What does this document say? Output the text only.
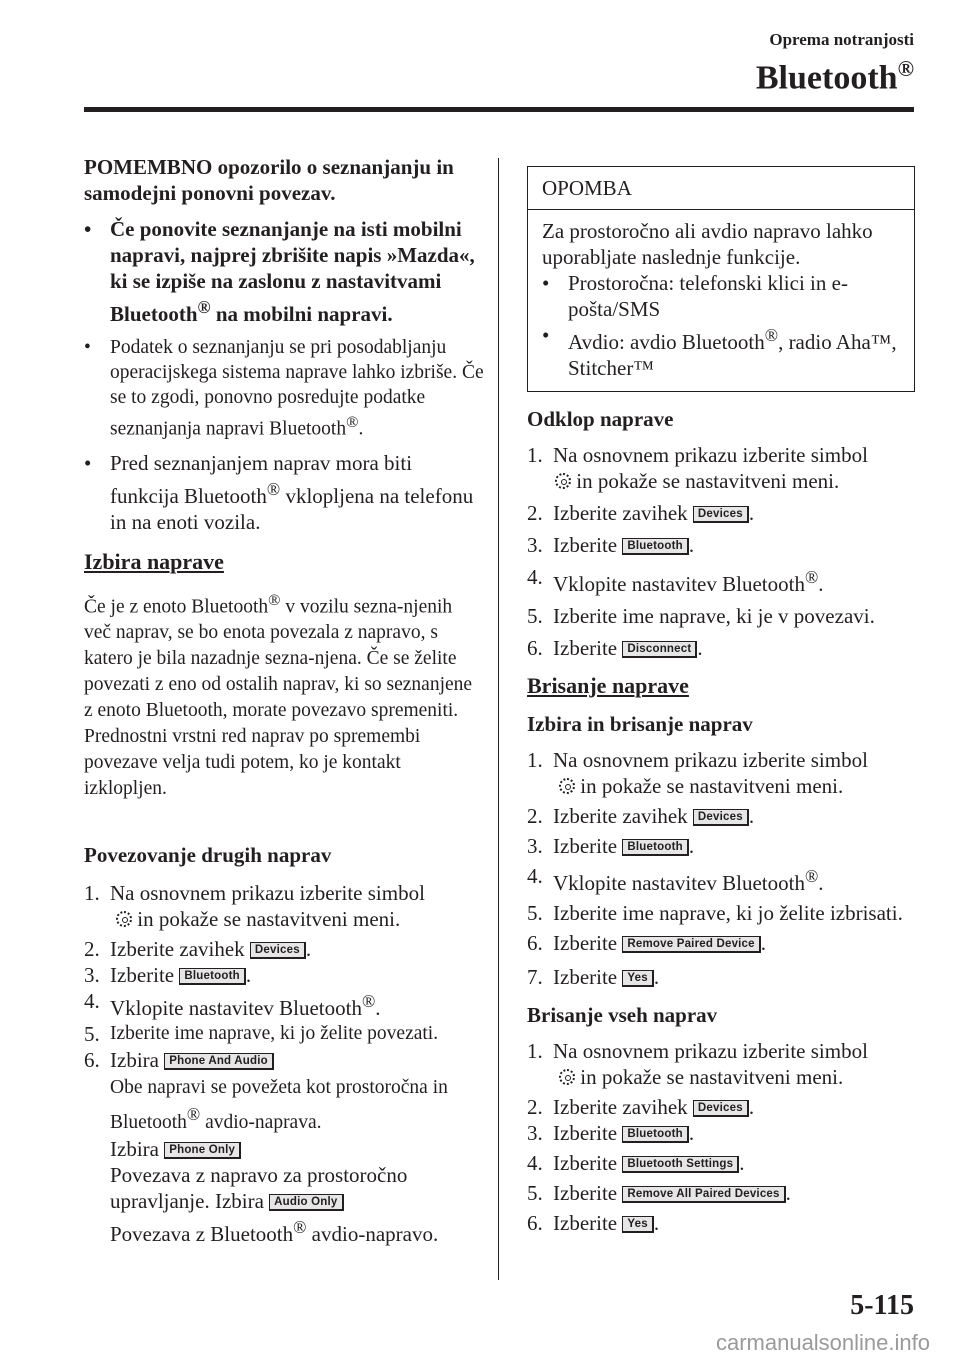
Oprema notranjosti
Bluetooth®

POMEMBNO opozorilo o seznanjanju in samodejni ponovni povezav.

• Če ponovite seznanjanje na isti mobilni napravi, najprej zbrišite napis »Mazda«, ki se izpiše na zaslonu z nastavitvami Bluetooth® na mobilni napravi.
• Podatek o seznanjanju se pri posodabljanju operacijskega sistema naprave lahko izbriše. Če se to zgodi, ponovno posredujte podatke seznanjanja napravi Bluetooth®.
• Pred seznanjanjem naprav mora biti funkcija Bluetooth® vklopljena na telefonu in na enoti vozila.

Izbira naprave

Če je z enoto Bluetooth® v vozilu sezna-njenih več naprav, se bo enota povezala z napravo, s katero je bila nazadnje sezna-njena. Če se želite povezati z eno od ostalih naprav, ki so seznanjene z enoto Bluetooth, morate povezavo spremeniti. Prednostni vrstni red naprav po spremembi povezave velja tudi potem, ko je kontakt izklopljen.

Povezovanje drugih naprav

1. Na osnovnem prikazu izberite simbol
in pokaže se nastavitveni meni.
2. Izberite zavihek Devices .
3. Izberite Bluetooth .
4. Vklopite nastavitev Bluetooth®.
5. Izberite ime naprave, ki jo želite povezati.
6. Izbira Phone And Audio
Obe napravi se povežeta kot prostoročna in Bluetooth® avdio-naprava.
Izbira Phone Only
Povezava z napravo za prostoročno upravljanje. Izbira Audio Only
Povezava z Bluetooth® avdio-napravo.
OPOMBA

Za prostoročno ali avdio napravo lahko uporabljate naslednje funkcije.

• Prostoročna: telefonski klici in e-pošta/SMS
• Avdio: avdio Bluetooth®, radio Aha™, Stitcher™

Odklop naprave

1. Na osnovnem prikazu izberite simbol
in pokaže se nastavitveni meni.
2. Izberite zavihek Devices .
3. Izberite Bluetooth .
4. Vklopite nastavitev Bluetooth®.
5. Izberite ime naprave, ki je v povezavi.
6. Izberite Disconnect .

Brisanje naprave

Izbira in brisanje naprav

1. Na osnovnem prikazu izberite simbol
in pokaže se nastavitveni meni.
2. Izberite zavihek Devices .
3. Izberite Bluetooth .
4. Vklopite nastavitev Bluetooth®.
5. Izberite ime naprave, ki jo želite izbrisati.
6. Izberite Remove Paired Device .
7. Izberite Yes .

Brisanje vseh naprav

1. Na osnovnem prikazu izberite simbol
in pokaže se nastavitveni meni.
2. Izberite zavihek Devices .
3. Izberite Bluetooth .
4. Izberite Bluetooth Settings .
5. Izberite Remove All Paired Devices .
6. Izberite Yes .
5-115
carmanualsonline.info
